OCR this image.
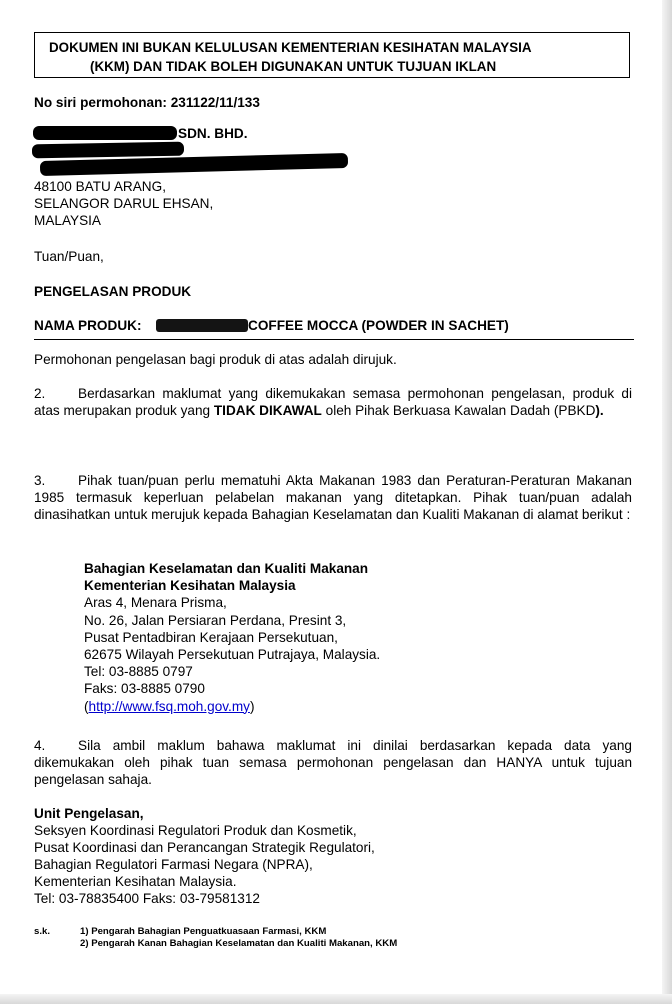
DOKUMEN INI BUKAN KELULUSAN KEMENTERIAN KESIHATAN MALAYSIA
(KKM) DAN TIDAK BOLEH DIGUNAKAN UNTUK TUJUAN IKLAN
No siri permohonan: 231122/11/133
SDN. BHD.
48100 BATU ARANG,
SELANGOR DARUL EHSAN,
MALAYSIA
Tuan/Puan,
PENGELASAN PRODUK
NAMA PRODUK:	COFFEE MOCCA (POWDER IN SACHET)
Permohonan pengelasan bagi produk di atas adalah dirujuk.
2. Berdasarkan maklumat yang dikemukakan semasa permohonan pengelasan, produk di atas merupakan produk yang TIDAK DIKAWAL oleh Pihak Berkuasa Kawalan Dadah (PBKD).
3. Pihak tuan/puan perlu mematuhi Akta Makanan 1983 dan Peraturan-Peraturan Makanan 1985 termasuk keperluan pelabelan makanan yang ditetapkan. Pihak tuan/puan adalah dinasihatkan untuk merujuk kepada Bahagian Keselamatan dan Kualiti Makanan di alamat berikut :
Bahagian Keselamatan dan Kualiti Makanan
Kementerian Kesihatan Malaysia
Aras 4, Menara Prisma,
No. 26, Jalan Persiaran Perdana, Presint 3,
Pusat Pentadbiran Kerajaan Persekutuan,
62675 Wilayah Persekutuan Putrajaya, Malaysia.
Tel: 03-8885 0797
Faks: 03-8885 0790
(http://www.fsq.moh.gov.my)
4. Sila ambil maklum bahawa maklumat ini dinilai berdasarkan kepada data yang dikemukakan oleh pihak tuan semasa permohonan pengelasan dan HANYA untuk tujuan pengelasan sahaja.
Unit Pengelasan,
Seksyen Koordinasi Regulatori Produk dan Kosmetik,
Pusat Koordinasi dan Perancangan Strategik Regulatori,
Bahagian Regulatori Farmasi Negara (NPRA),
Kementerian Kesihatan Malaysia.
Tel: 03-78835400 Faks: 03-79581312
s.k.	1) Pengarah Bahagian Penguatkuasaan Farmasi, KKM
2) Pengarah Kanan Bahagian Keselamatan dan Kualiti Makanan, KKM
